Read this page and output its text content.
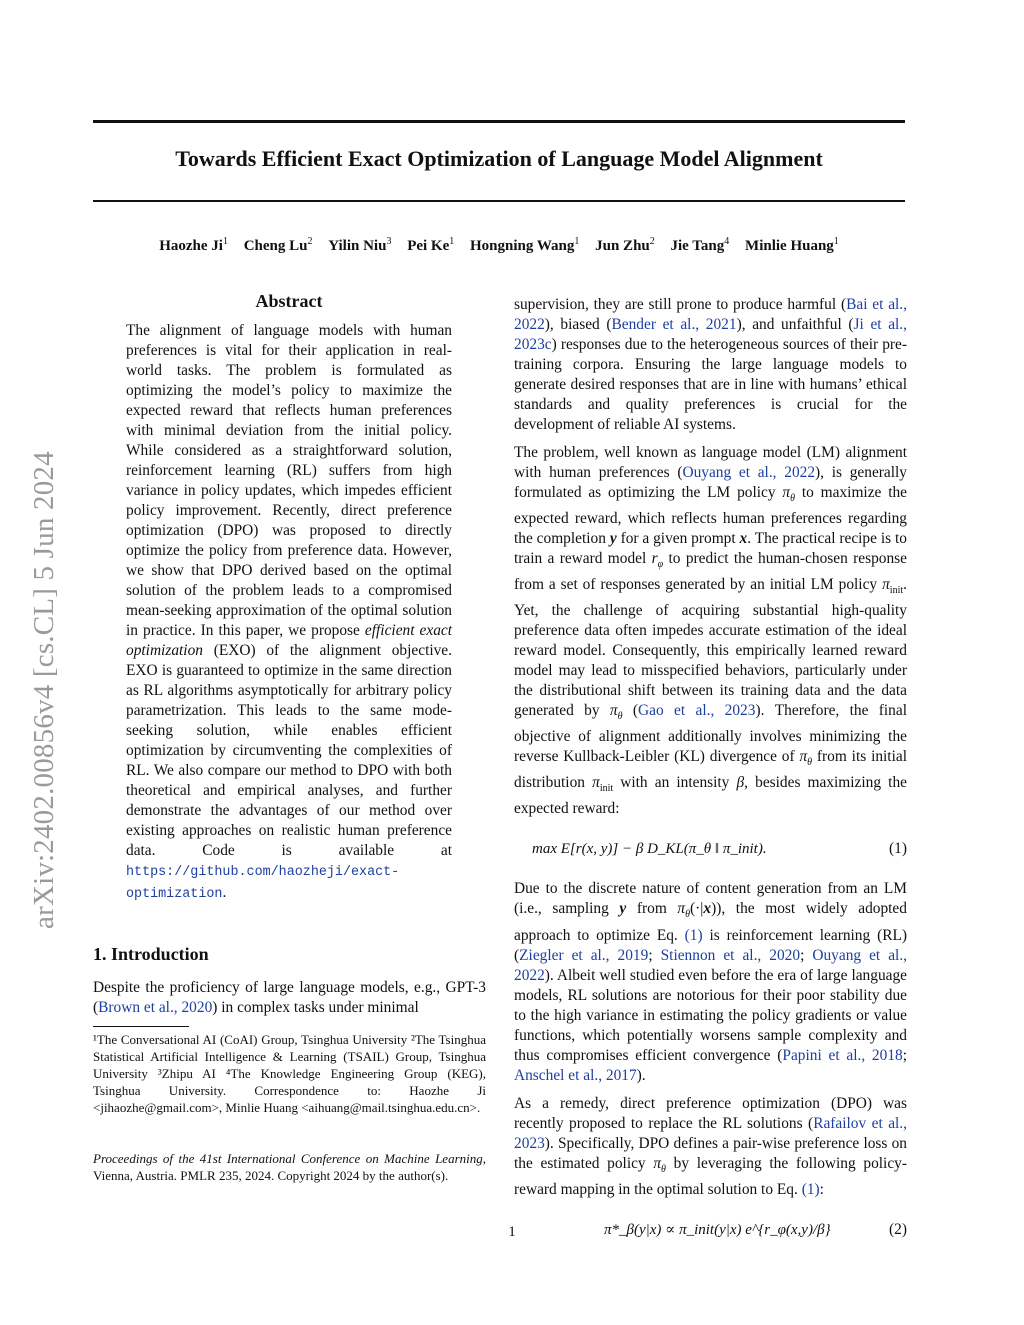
Towards Efficient Exact Optimization of Language Model Alignment
Haozhe Ji$^1$ Cheng Lu$^2$ Yilin Niu$^3$ Pei Ke$^1$ Hongning Wang$^1$ Jun Zhu$^2$ Jie Tang$^4$ Minlie Huang$^1$
arXiv:2402.00856v4 [cs.CL] 5 Jun 2024
Abstract

The alignment of language models with human preferences is vital for their application in real-world tasks. The problem is formulated as optimizing the model’s policy to maximize the expected reward that reflects human preferences with minimal deviation from the initial policy. While considered as a straightforward solution, reinforcement learning (RL) suffers from high variance in policy updates, which impedes efficient policy improvement. Recently, direct preference optimization (DPO) was proposed to directly optimize the policy from preference data. However, we show that DPO derived based on the optimal solution of the problem leads to a compromised mean-seeking approximation of the optimal solution in practice. In this paper, we propose efficient exact optimization (EXO) of the alignment objective. EXO is guaranteed to optimize in the same direction as RL algorithms asymptotically for arbitrary policy parametrization. This leads to the same mode-seeking solution, while enables efficient optimization by circumventing the complexities of RL. We also compare our method to DPO with both theoretical and empirical analyses, and further demonstrate the advantages of our method over existing approaches on realistic human preference data. Code is available at https://github.com/haozheji/exact-optimization.

1. Introduction

Despite the proficiency of large language models, e.g., GPT-3 (Brown et al., 2020) in complex tasks under minimal

¹The Conversational AI (CoAI) Group, Tsinghua University ²The Tsinghua Statistical Artificial Intelligence & Learning (TSAIL) Group, Tsinghua University ³Zhipu AI ⁴The Knowledge Engineering Group (KEG), Tsinghua University. Correspondence to: Haozhe Ji <jihaozhe@gmail.com>, Minlie Huang <aihuang@mail.tsinghua.edu.cn>.
Proceedings of the 41st International Conference on Machine Learning, Vienna, Austria. PMLR 235, 2024. Copyright 2024 by the author(s).

supervision, they are still prone to produce harmful (Bai et al., 2022), biased (Bender et al., 2021), and unfaithful (Ji et al., 2023c) responses due to the heterogeneous sources of their pre-training corpora. Ensuring the large language models to generate desired responses that are in line with humans’ ethical standards and quality preferences is crucial for the development of reliable AI systems.

The problem, well known as language model (LM) alignment with human preferences (Ouyang et al., 2022), is generally formulated as optimizing the LM policy $\pi_\theta$ to maximize the expected reward, which reflects human preferences regarding the completion y for a given prompt x. The practical recipe is to train a reward model $r_\varphi$ to predict the human-chosen response from a set of responses generated by an initial LM policy $\pi_{init}$. Yet, the challenge of acquiring substantial high-quality preference data often impedes accurate estimation of the ideal reward model. Consequently, this empirically learned reward model may lead to misspecified behaviors, particularly under the distributional shift between its training data and the data generated by $\pi_\theta$ (Gao et al., 2023). Therefore, the final objective of alignment additionally involves minimizing the reverse Kullback-Leibler (KL) divergence of $\pi_\theta$ from its initial distribution $\pi_{init}$ with an intensity β, besides maximizing the expected reward:

max E[r(x, y)] − β D_KL(π_θ ‖ π_init).	(1)

Due to the discrete nature of content generation from an LM (i.e., sampling y from $\pi_\theta(\cdot|x)$), the most widely adopted approach to optimize Eq. (1) is reinforcement learning (RL) (Ziegler et al., 2019; Stiennon et al., 2020; Ouyang et al., 2022). Albeit well studied even before the era of large language models, RL solutions are notorious for their poor stability due to the high variance in estimating the policy gradients or value functions, which potentially worsens sample complexity and thus compromises efficient convergence (Papini et al., 2018; Anschel et al., 2017).

As a remedy, direct preference optimization (DPO) was recently proposed to replace the RL solutions (Rafailov et al., 2023). Specifically, DPO defines a pair-wise preference loss on the estimated policy $\pi_\theta$ by leveraging the following policy-reward mapping in the optimal solution to Eq. (1):

π*_β(y|x) ∝ π_init(y|x) e^{r_φ(x,y)/β}	(2)
1
